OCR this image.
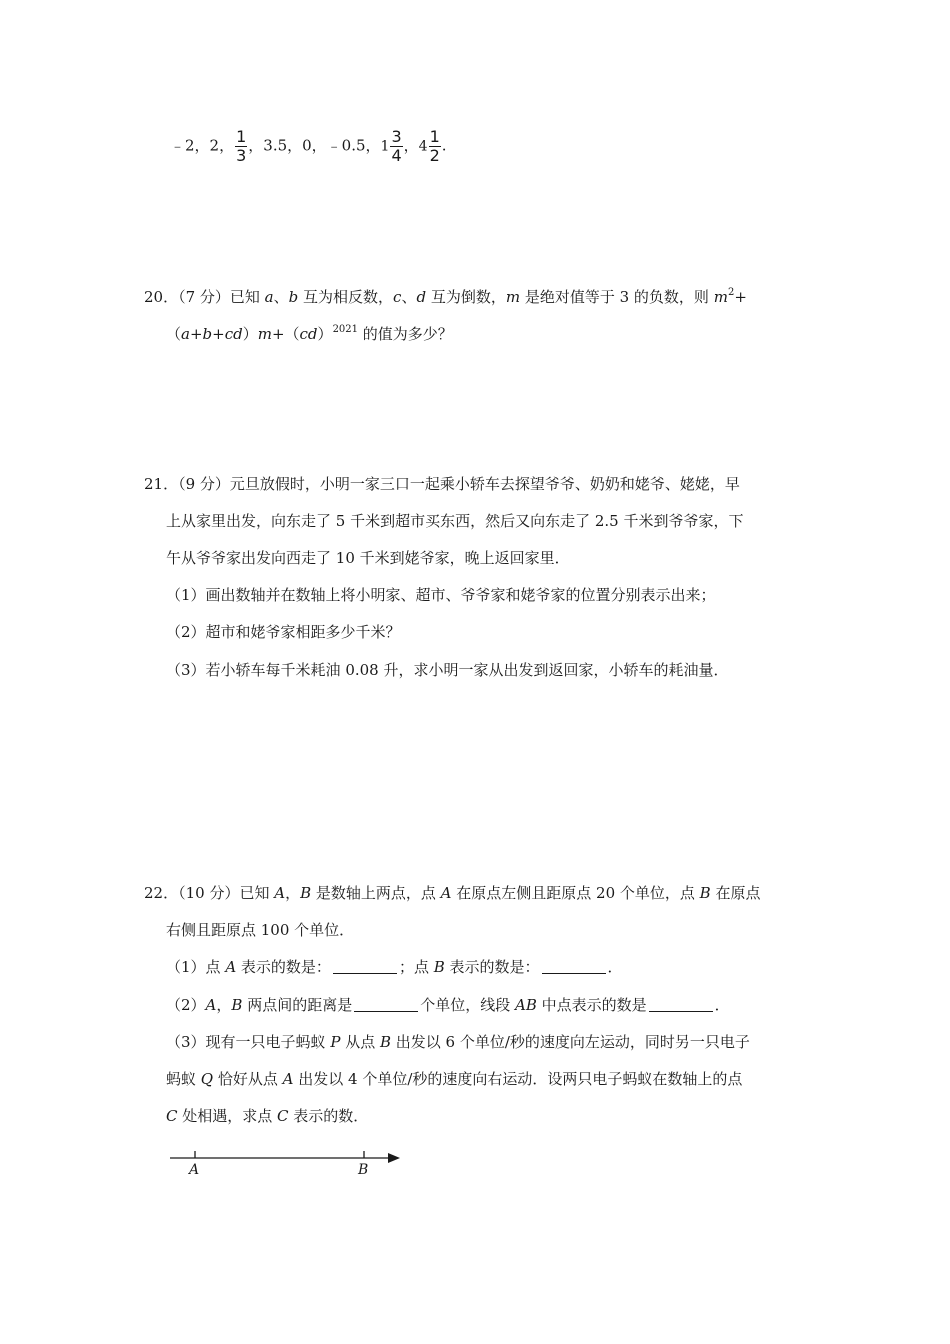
﹣2，2， $\frac{1}{3}$ ，3.5，0，﹣0.5，$1 \frac{3}{4}$ ，$4 \frac{1}{2}$ .
20．（7 分）已知 a、b 互为相反数，c、d 互为倒数，m 是绝对值等于 3 的负数，则 $m^2+$
（a+b+cd）m+（cd）$^{2021}$ 的值为多少？
21．（9 分）元旦放假时，小明一家三口一起乘小轿车去探望爷爷、奶奶和姥爷、姥姥，早
上从家里出发，向东走了 5 千米到超市买东西，然后又向东走了 2.5 千米到爷爷家，下
午从爷爷家出发向西走了 10 千米到姥爷家，晚上返回家里．
（1）画出数轴并在数轴上将小明家、超市、爷爷家和姥爷家的位置分别表示出来；
（2）超市和姥爷家相距多少千米？
（3）若小轿车每千米耗油 0.08 升，求小明一家从出发到返回家，小轿车的耗油量．
22．（10 分）已知 A，B 是数轴上两点，点 A 在原点左侧且距原点 20 个单位，点 B 在原点
右侧且距原点 100 个单位．
（1）点 A 表示的数是：	；点 B 表示的数是：	．
（2）A，B 两点间的距离是	个单位，线段 AB 中点表示的数是	．
（3）现有一只电子蚂蚁 P 从点 B 出发以 6 个单位/秒的速度向左运动，同时另一只电子
蚂蚁 Q 恰好从点 A 出发以 4 个单位/秒的速度向右运动．设两只电子蚂蚁在数轴上的点
C 处相遇，求点 C 表示的数．
A	B
